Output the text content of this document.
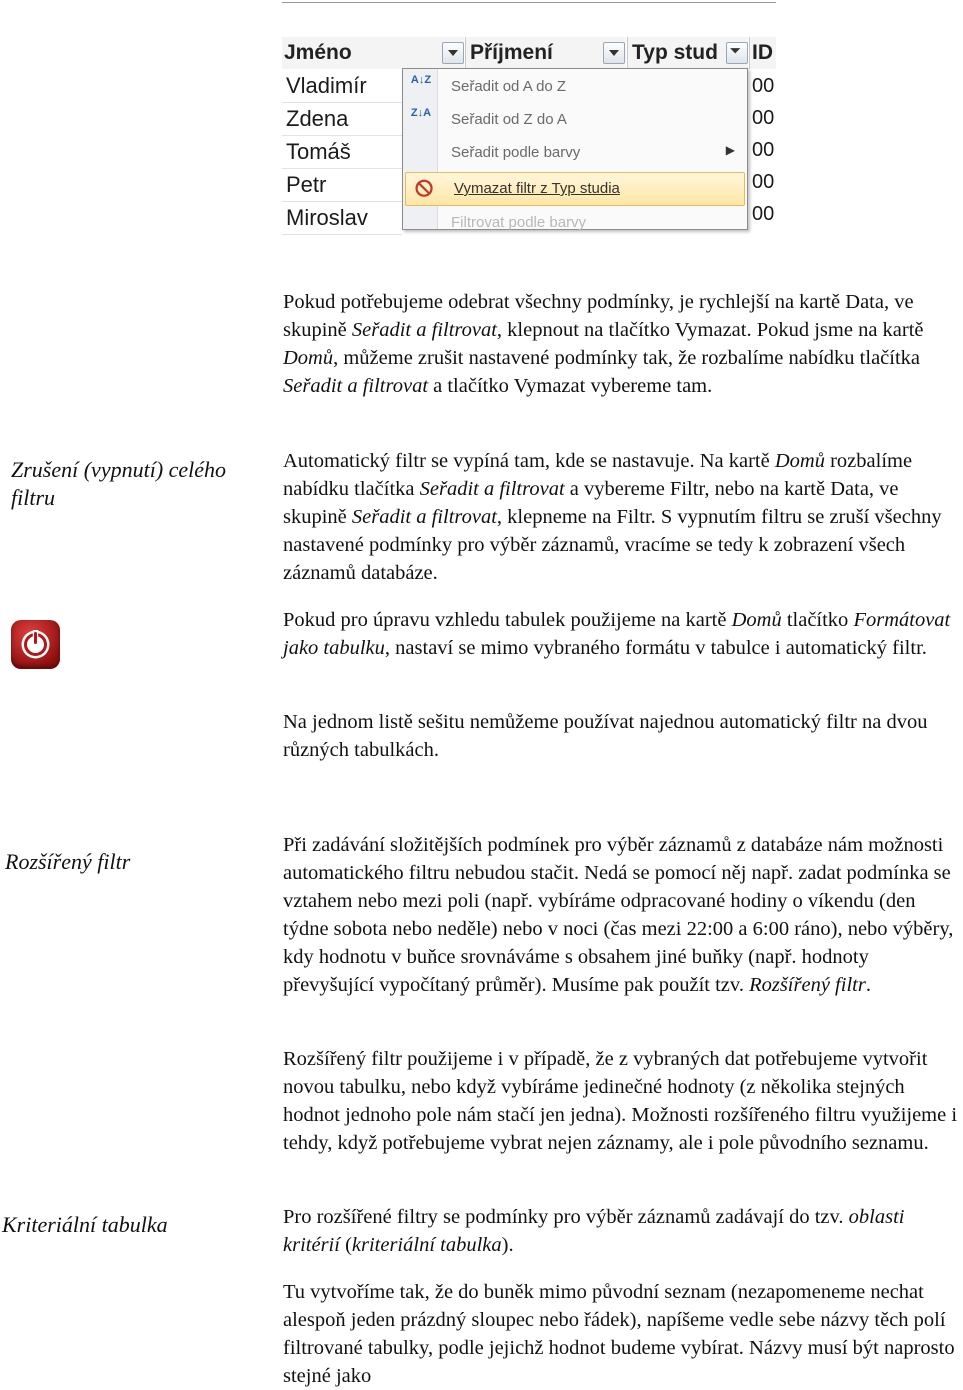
Jméno	Příjmení	Typ stud
⏷ ID
Vladimír
Zdena
Tomáš
Petr
Miroslav
00
00
00
00
00
A↓Z Seřadit od A do Z
Z↓A Seřadit od Z do A
Seřadit podle barvy	▶
🛇 Vymazat filtr z Typ studia
Filtrovat podle barvy
Zrušení (vypnutí) celého filtru
Rozšířený filtr
Kriteriální tabulka
Pokud potřebujeme odebrat všechny podmínky, je rychlejší na kartě Data, ve skupině Seřadit a filtrovat, klepnout na tlačítko Vymazat. Pokud jsme na kartě Domů, můžeme zrušit nastavené podmínky tak, že rozbalíme nabídku tlačítka Seřadit a filtrovat a tlačítko Vymazat vybereme tam.
Automatický filtr se vypíná tam, kde se nastavuje. Na kartě Domů rozbalíme nabídku tlačítka Seřadit a filtrovat a vybereme Filtr, nebo na kartě Data, ve skupině Seřadit a filtrovat, klepneme na Filtr. S vypnutím filtru se zruší všechny nastavené podmínky pro výběr záznamů, vracíme se tedy k zobrazení všech záznamů databáze.
Pokud pro úpravu vzhledu tabulek použijeme na kartě Domů tlačítko Formátovat jako tabulku, nastaví se mimo vybraného formátu v tabulce i automatický filtr.
Na jednom listě sešitu nemůžeme používat najednou automatický filtr na dvou různých tabulkách.
Při zadávání složitějších podmínek pro výběr záznamů z databáze nám možnosti automatického filtru nebudou stačit. Nedá se pomocí něj např. zadat podmínka se vztahem nebo mezi poli (např. vybíráme odpracované hodiny o víkendu (den týdne sobota nebo neděle) nebo v noci (čas mezi 22:00 a 6:00 ráno), nebo výběry, kdy hodnotu v buňce srovnáváme s obsahem jiné buňky (např. hodnoty převyšující vypočítaný průměr). Musíme pak použít tzv. Rozšířený filtr.
Rozšířený filtr použijeme i v případě, že z vybraných dat potřebujeme vytvořit novou tabulku, nebo když vybíráme jedinečné hodnoty (z několika stejných hodnot jednoho pole nám stačí jen jedna). Možnosti rozšířeného filtru využijeme i tehdy, když potřebujeme vybrat nejen záznamy, ale i pole původního seznamu.
Pro rozšířené filtry se podmínky pro výběr záznamů zadávají do tzv. oblasti kritérií (kriteriální tabulka).
Tu vytvoříme tak, že do buněk mimo původní seznam (nezapomeneme nechat alespoň jeden prázdný sloupec nebo řádek), napíšeme vedle sebe názvy těch polí filtrované tabulky, podle jejichž hodnot budeme vybírat. Názvy musí být naprosto stejné jako
